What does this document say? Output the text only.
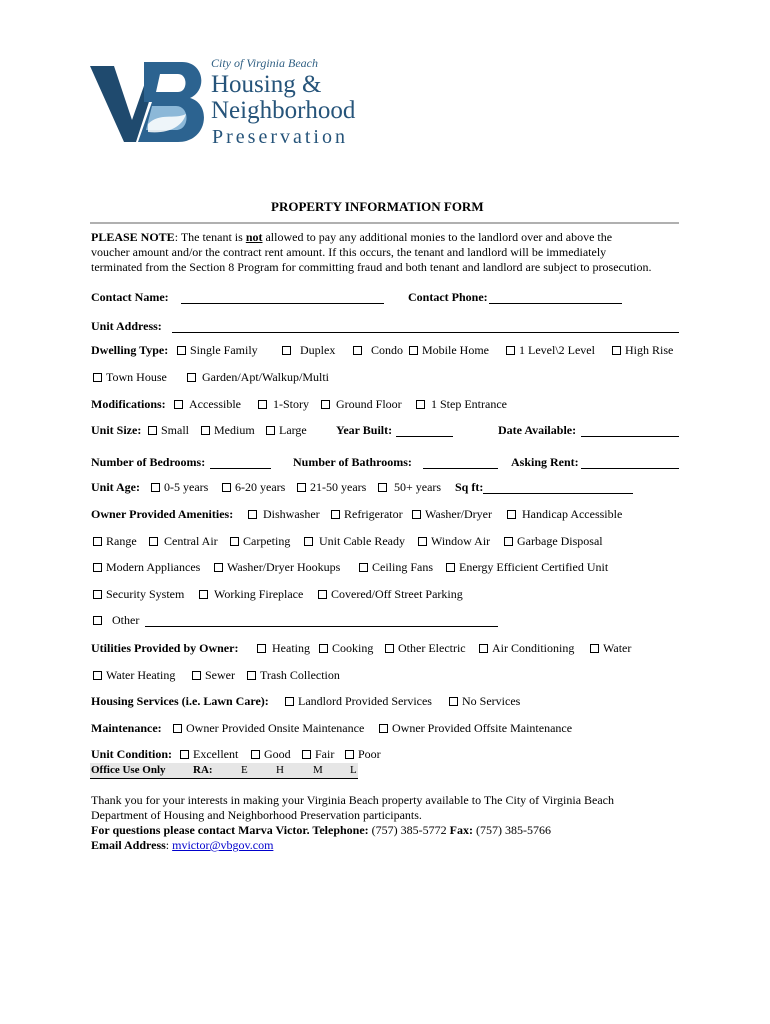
City of Virginia Beach
Housing &
Neighborhood
Preservation
PROPERTY INFORMATION FORM
PLEASE NOTE: The tenant is not allowed to pay any additional monies to the landlord over and above the
voucher amount and/or the contract rent amount. If this occurs, the tenant and landlord will be immediately
terminated from the Section 8 Program for committing fraud and both tenant and landlord are subject to prosecution.
Contact Name:	Contact Phone:
Unit Address:
Dwelling Type:	Single Family	Duplex	Condo	Mobile Home	1 Level\2 Level	High Rise
Town House	Garden/Apt/Walkup/Multi
Modifications:	Accessible	1-Story	Ground Floor	1 Step Entrance
Unit Size:	Small	Medium	Large Year Built:	Date Available:
Number of Bedrooms:	Number of Bathrooms:	Asking Rent:
Unit Age:	0-5 years	6-20 years	21-50 years	50+ years Sq ft:
Owner Provided Amenities:	Dishwasher	Refrigerator	Washer/Dryer	Handicap Accessible
Range	Central Air	Carpeting	Unit Cable Ready	Window Air	Garbage Disposal
Modern Appliances	Washer/Dryer Hookups	Ceiling Fans	Energy Efficient Certified Unit
Security System	Working Fireplace	Covered/Off Street Parking
Other
Utilities Provided by Owner:	Heating	Cooking	Other Electric	Air Conditioning	Water
Water Heating	Sewer	Trash Collection
Housing Services (i.e. Lawn Care):	Landlord Provided Services	No Services
Maintenance:	Owner Provided Onsite Maintenance	Owner Provided Offsite Maintenance
Unit Condition:	Excellent	Good	Fair	Poor
Office Use Only RA:	E	H	M L
Thank you for your interests in making your Virginia Beach property available to The City of Virginia Beach
Department of Housing and Neighborhood Preservation participants.
For questions please contact Marva Victor. Telephone: (757) 385-5772 Fax: (757) 385-5766
Email Address: mvictor@vbgov.com
